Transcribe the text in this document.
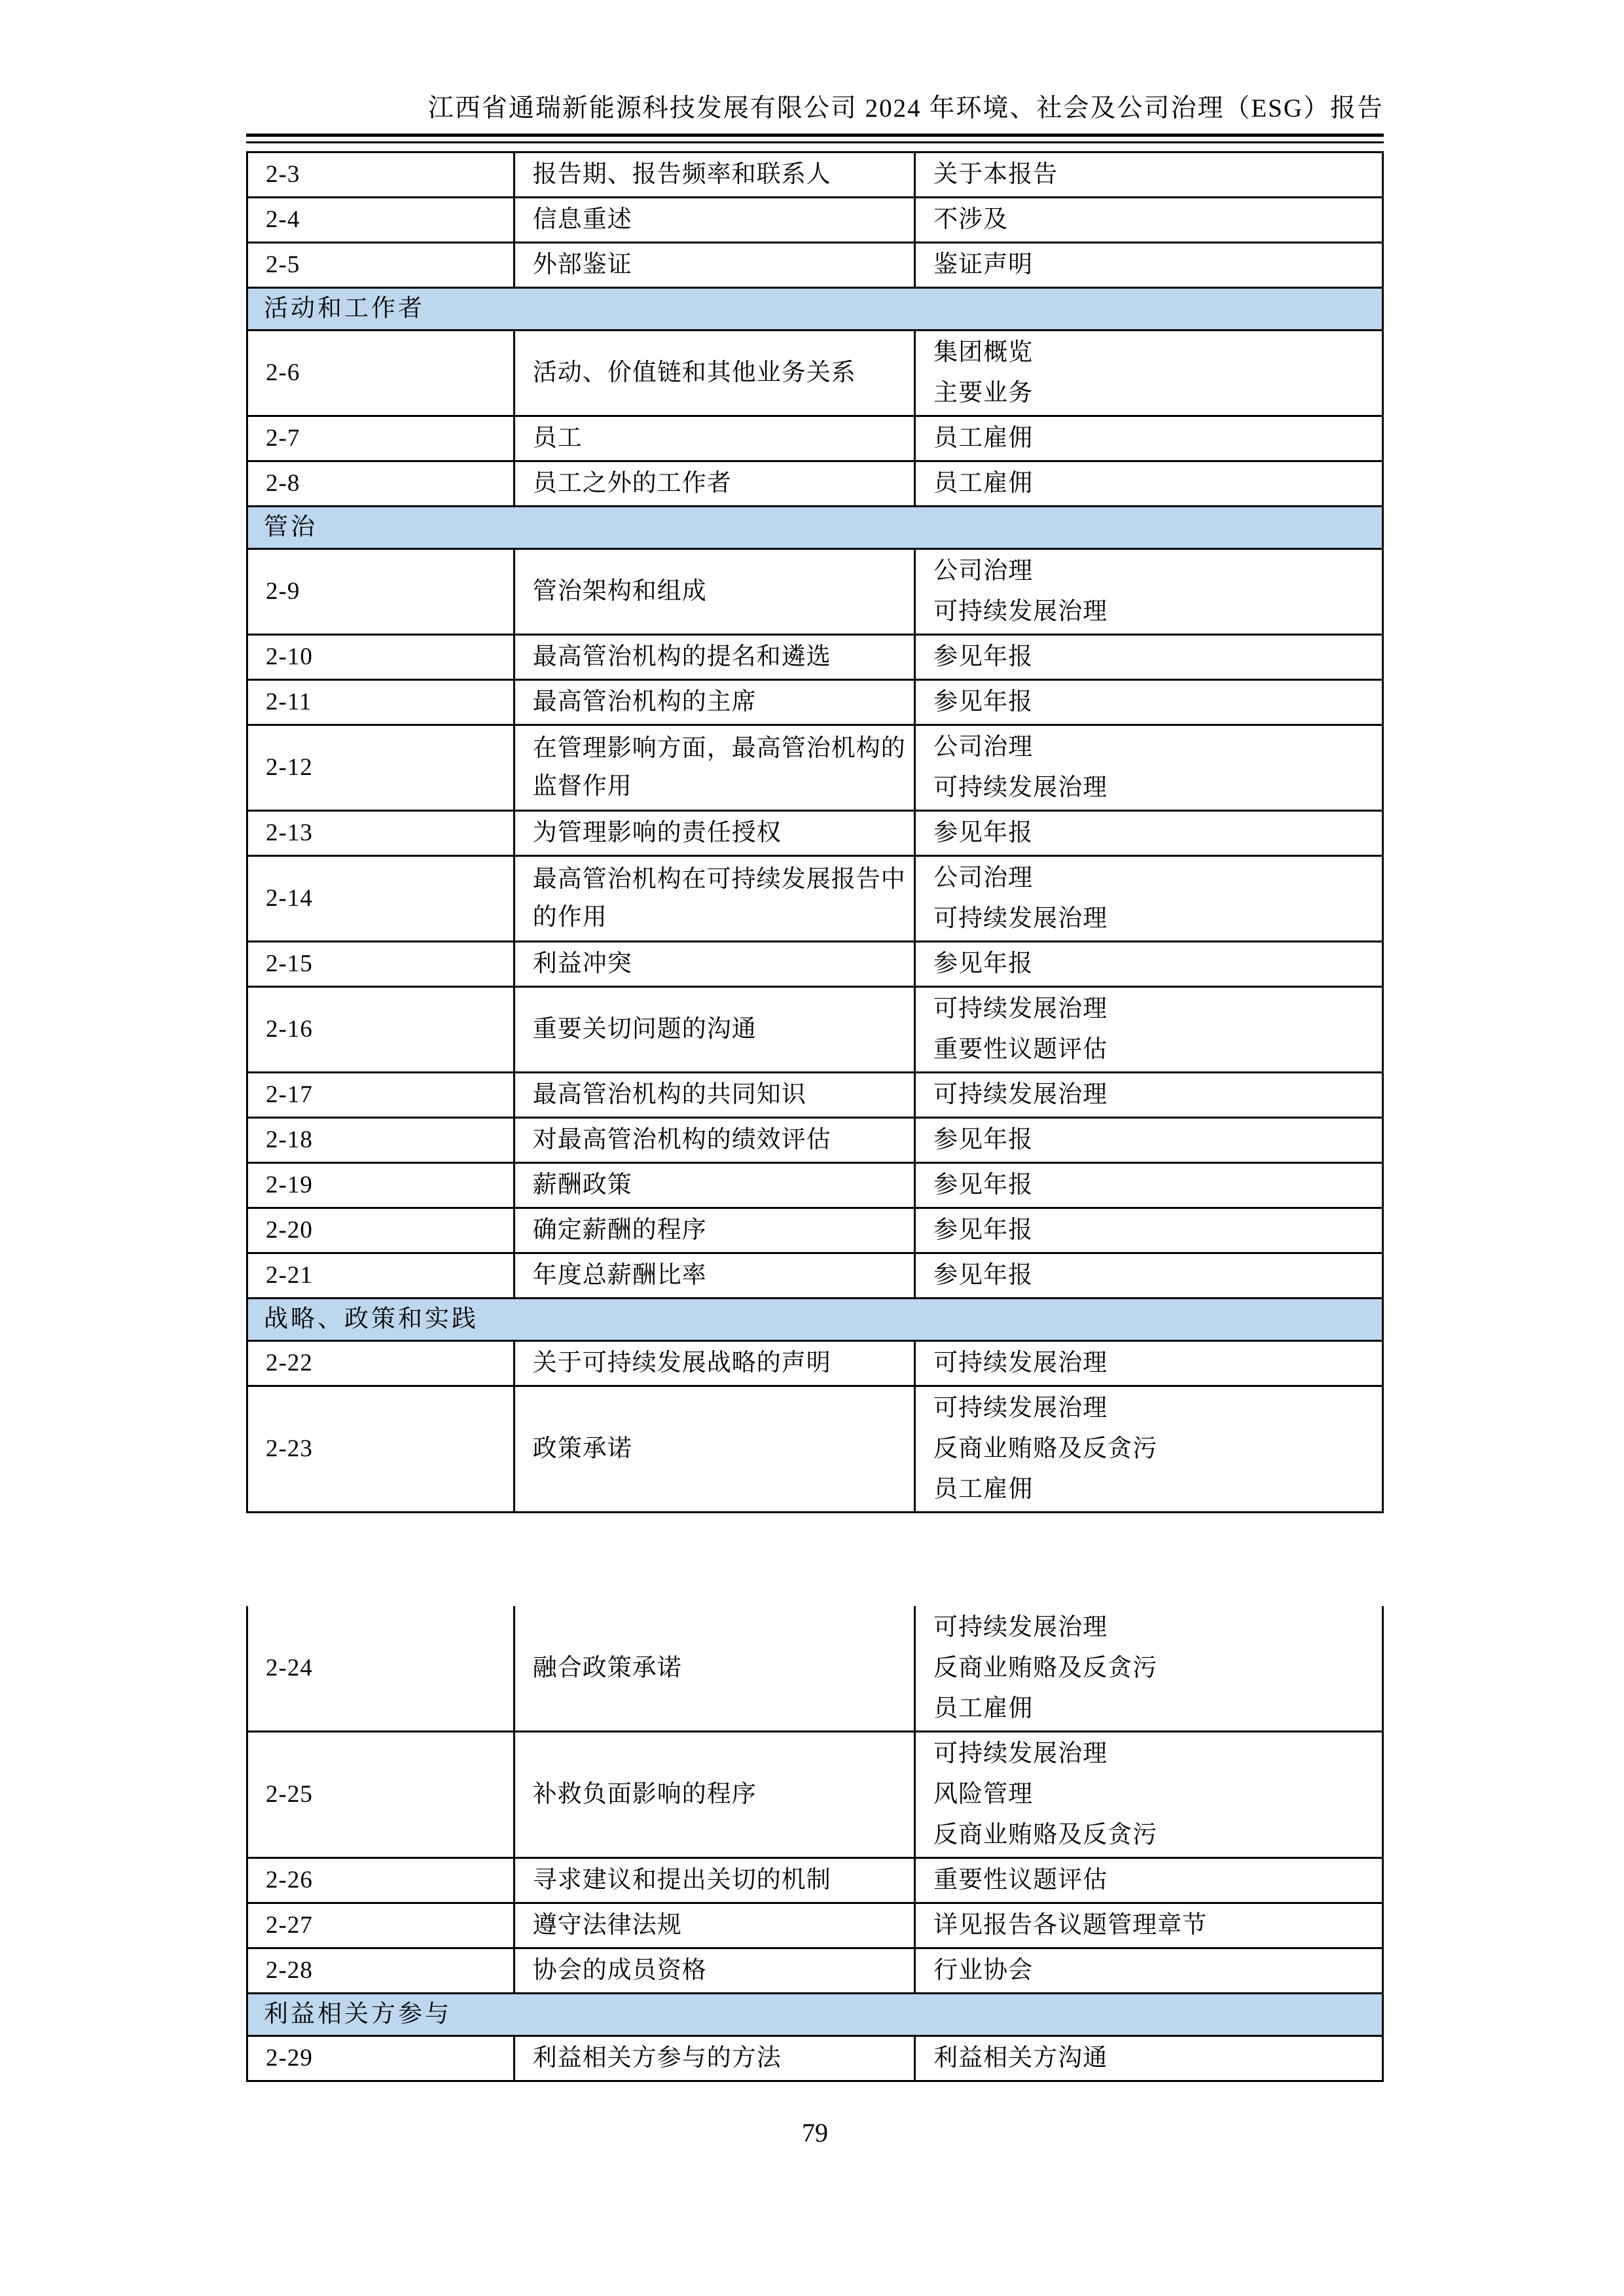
江西省通瑞新能源科技发展有限公司 2024 年环境、社会及公司治理（ESG）报告
2-3	报告期、报告频率和联系人	关于本报告

2-4	信息重述	不涉及

2-5	外部鉴证	鉴证声明

活动和工作者		
2-6	活动、价值链和其他业务关系	集团概览
主要业务

2-7	员工	员工雇佣

2-8	员工之外的工作者	员工雇佣

管治		
2-9	管治架构和组成	公司治理
可持续发展治理

2-10	最高管治机构的提名和遴选	参见年报

2-11	最高管治机构的主席	参见年报

2-12	在管理影响方面，最高管治机构的监督作用	公司治理
可持续发展治理

2-13	为管理影响的责任授权	参见年报

2-14	最高管治机构在可持续发展报告中的作用	公司治理
可持续发展治理

2-15	利益冲突	参见年报

2-16	重要关切问题的沟通	可持续发展治理
重要性议题评估

2-17	最高管治机构的共同知识	可持续发展治理

2-18	对最高管治机构的绩效评估	参见年报

2-19	薪酬政策	参见年报

2-20	确定薪酬的程序	参见年报

2-21	年度总薪酬比率	参见年报

战略、政策和实践		
2-22	关于可持续发展战略的声明	可持续发展治理

2-23	政策承诺	可持续发展治理
反商业贿赂及反贪污
员工雇佣
2-24	融合政策承诺	可持续发展治理
反商业贿赂及反贪污
员工雇佣

2-25	补救负面影响的程序	可持续发展治理
风险管理
反商业贿赂及反贪污

2-26	寻求建议和提出关切的机制	重要性议题评估

2-27	遵守法律法规	详见报告各议题管理章节

2-28	协会的成员资格	行业协会

利益相关方参与		
2-29	利益相关方参与的方法	利益相关方沟通
79
